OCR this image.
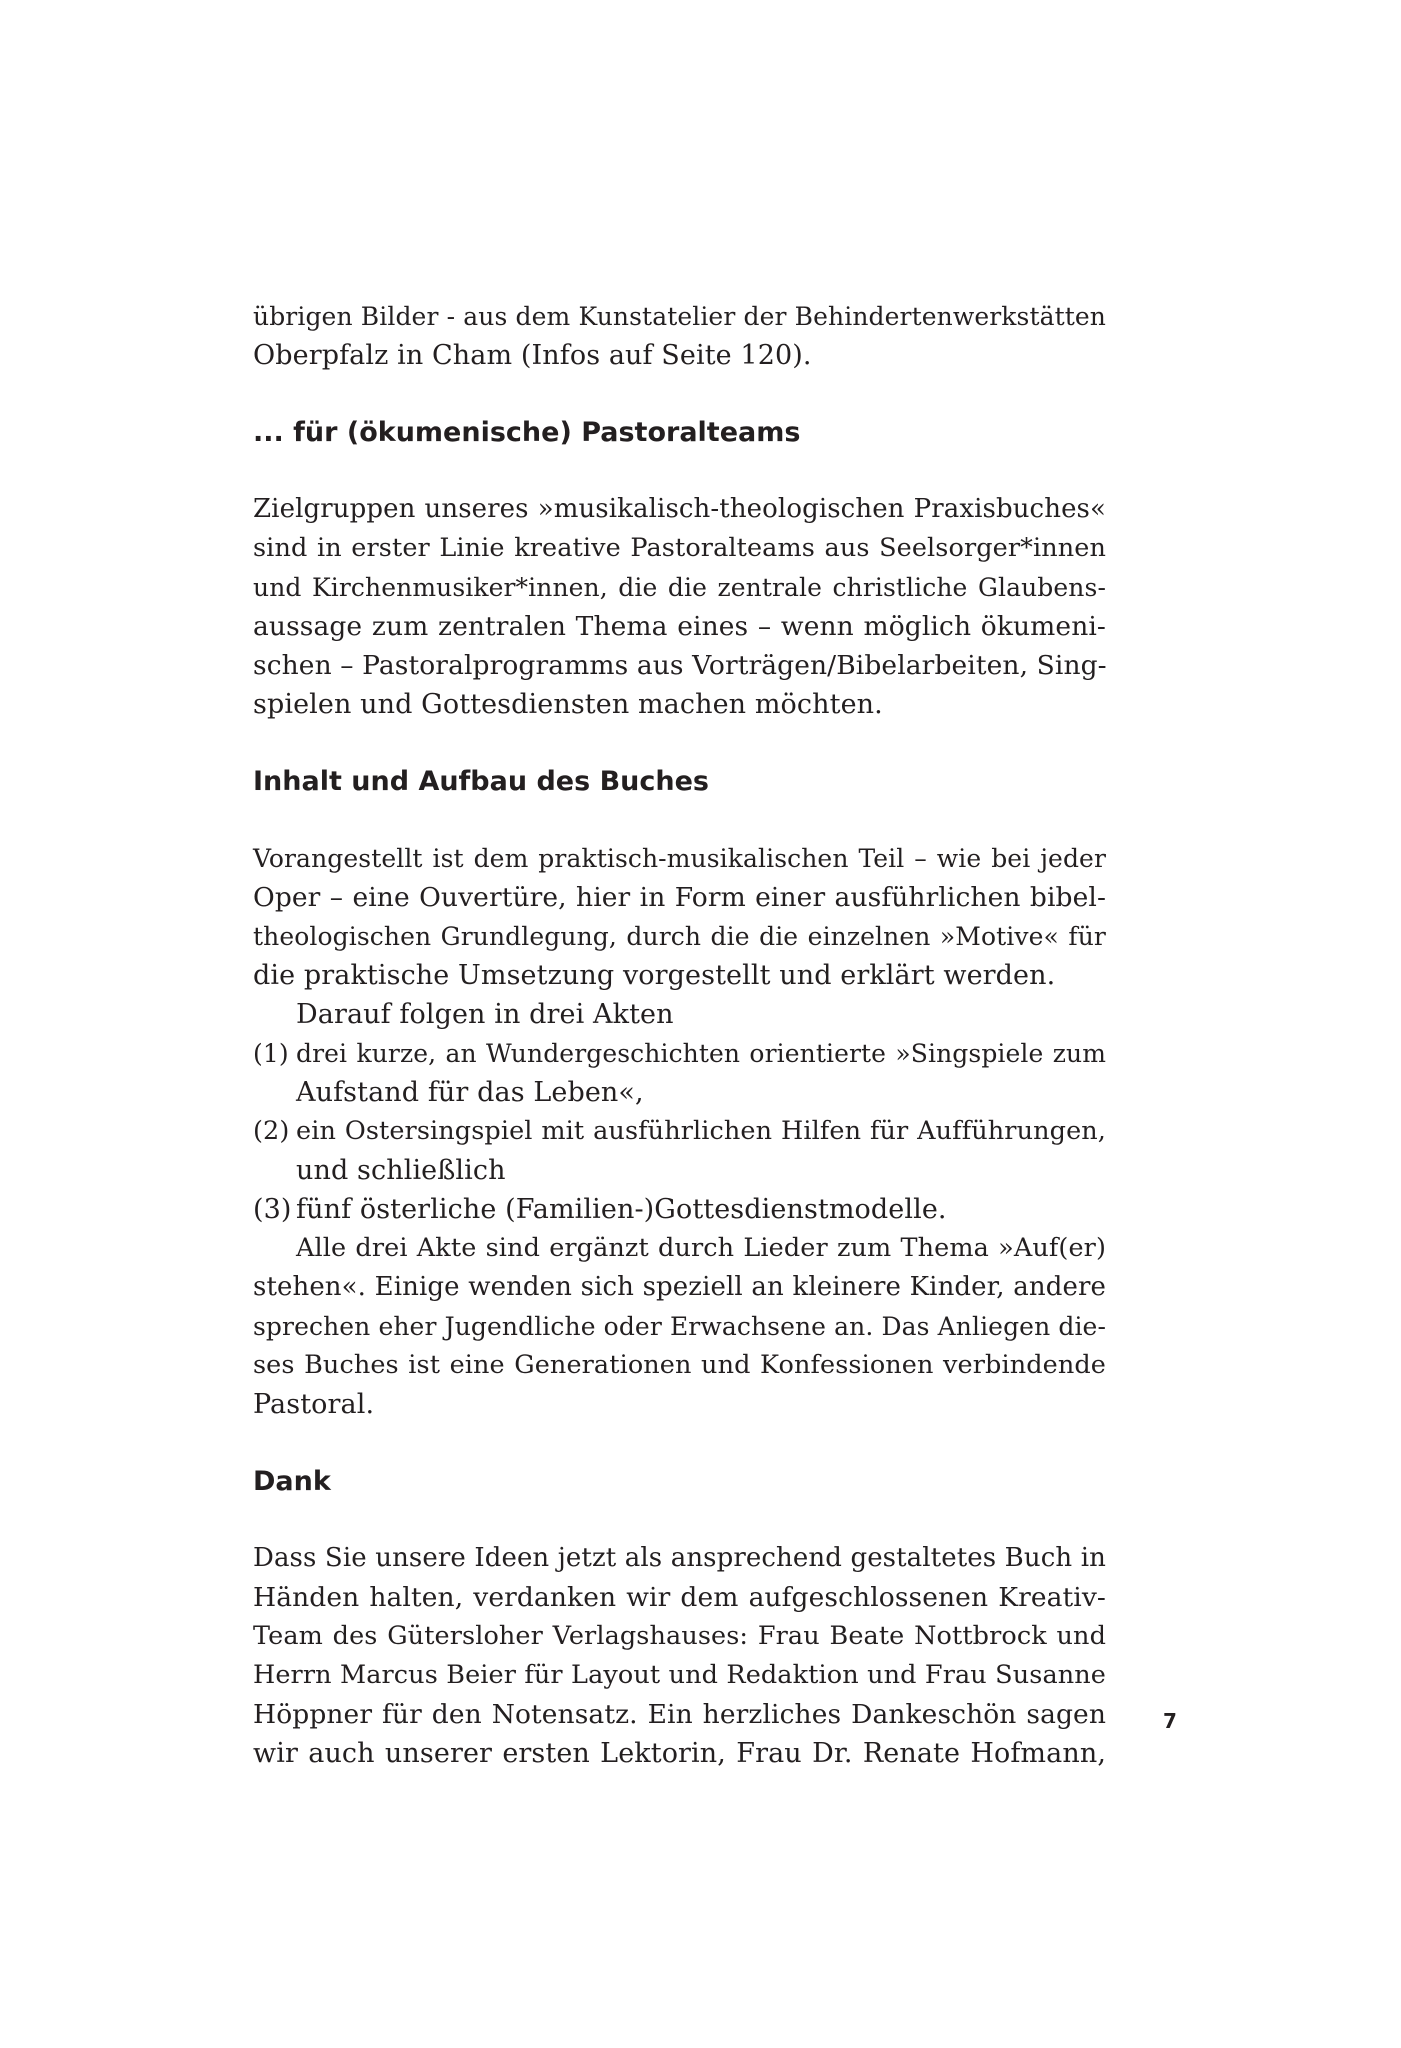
übrigen Bilder - aus dem Kunstatelier der Behindertenwerkstätten
Oberpfalz in Cham (Infos auf Seite 120).
... für (ökumenische) Pastoralteams
Zielgruppen unseres »musikalisch-theologischen Praxisbuches«
sind in erster Linie kreative Pastoralteams aus Seelsorger*innen
und Kirchenmusiker*innen, die die zentrale christliche Glaubens-
aussage zum zentralen Thema eines – wenn möglich ökumeni-
schen – Pastoralprogramms aus Vorträgen/Bibelarbeiten, Sing-
spielen und Gottesdiensten machen möchten.
Inhalt und Aufbau des Buches
Vorangestellt ist dem praktisch-musikalischen Teil – wie bei jeder
Oper – eine Ouvertüre, hier in Form einer ausführlichen bibel-
theologischen Grundlegung, durch die die einzelnen »Motive« für
die praktische Umsetzung vorgestellt und erklärt werden.
Darauf folgen in drei Akten
(1) drei kurze, an Wundergeschichten orientierte »Singspiele zum
Aufstand für das Leben«,
(2) ein Ostersingspiel mit ausführlichen Hilfen für Aufführungen,
und schließlich
(3) fünf österliche (Familien-)Gottesdienstmodelle.
Alle drei Akte sind ergänzt durch Lieder zum Thema »Auf(er)
stehen«. Einige wenden sich speziell an kleinere Kinder, andere
sprechen eher Jugendliche oder Erwachsene an. Das Anliegen die-
ses Buches ist eine Generationen und Konfessionen verbindende
Pastoral.
Dank
Dass Sie unsere Ideen jetzt als ansprechend gestaltetes Buch in
Händen halten, verdanken wir dem aufgeschlossenen Kreativ-
Team des Gütersloher Verlagshauses: Frau Beate Nottbrock und
Herrn Marcus Beier für Layout und Redaktion und Frau Susanne
Höppner für den Notensatz. Ein herzliches Dankeschön sagen
wir auch unserer ersten Lektorin, Frau Dr. Renate Hofmann,
7
